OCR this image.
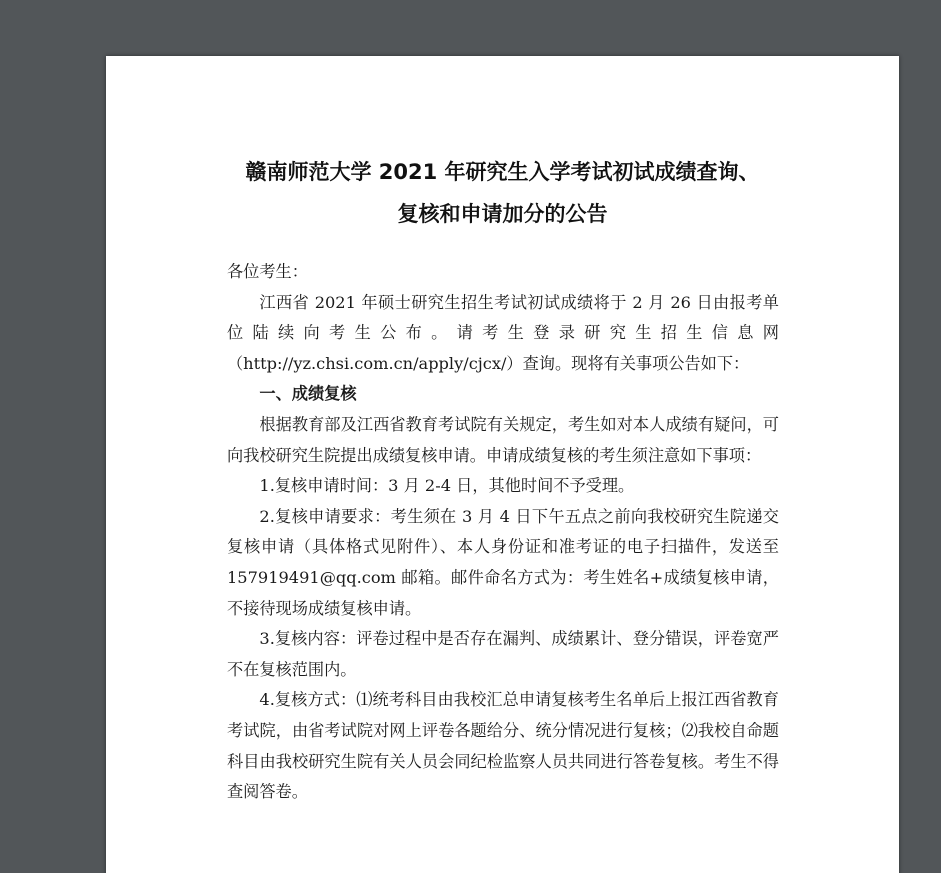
赣南师范大学 2021 年研究生入学考试初试成绩查询、
复核和申请加分的公告

各位考生：

江西省 2021 年硕士研究生招生考试初试成绩将于 2 月 26 日由报考单位陆续向考生公布。请考生登录研究生招生信息网（http://yz.chsi.com.cn/apply/cjcx/）查询。现将有关事项公告如下：

一、成绩复核

根据教育部及江西省教育考试院有关规定，考生如对本人成绩有疑问，可向我校研究生院提出成绩复核申请。申请成绩复核的考生须注意如下事项：

1.复核申请时间：3 月 2-4 日，其他时间不予受理。

2.复核申请要求：考生须在 3 月 4 日下午五点之前向我校研究生院递交复核申请（具体格式见附件）、本人身份证和准考证的电子扫描件，发送至 157919491@qq.com 邮箱。邮件命名方式为：考生姓名+成绩复核申请，不接待现场成绩复核申请。

3.复核内容：评卷过程中是否存在漏判、成绩累计、登分错误，评卷宽严不在复核范围内。

4.复核方式：⑴统考科目由我校汇总申请复核考生名单后上报江西省教育考试院，由省考试院对网上评卷各题给分、统分情况进行复核；⑵我校自命题科目由我校研究生院有关人员会同纪检监察人员共同进行答卷复核。考生不得查阅答卷。
